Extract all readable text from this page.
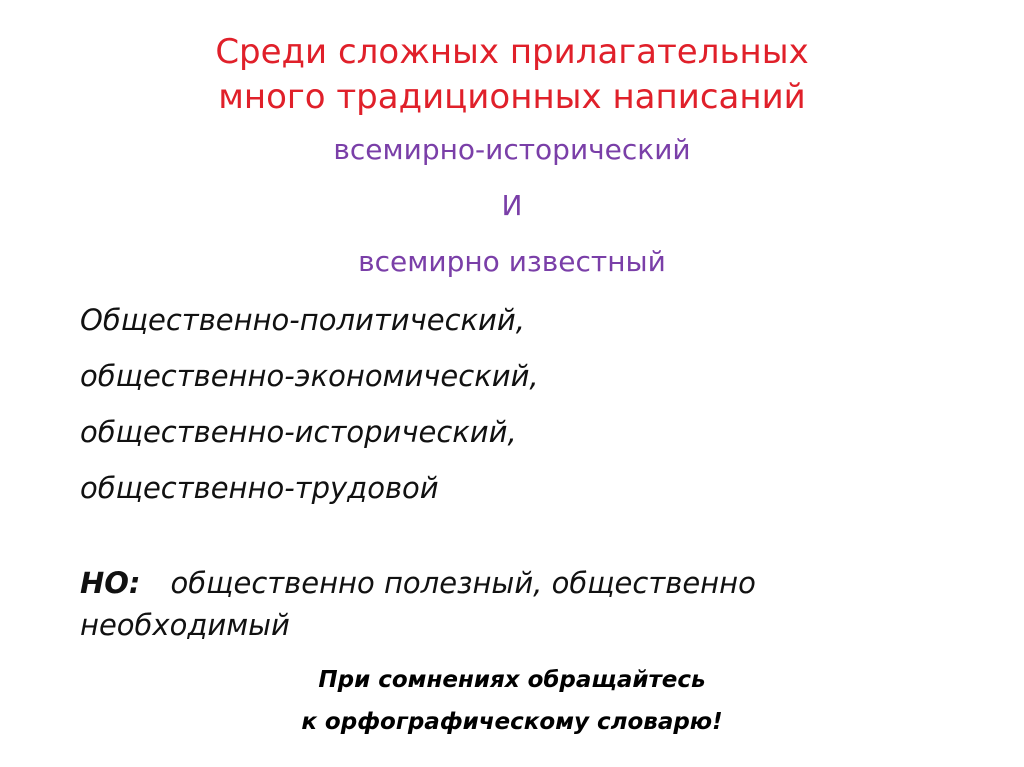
Среди сложных прилагательных
много традиционных написаний
всемирно-исторический
И
всемирно известный
Общественно-политический,
общественно-экономический,
общественно-исторический,
общественно-трудовой
НО: общественно полезный, общественно необходимый
При сомнениях обращайтесь
к орфографическому словарю!
